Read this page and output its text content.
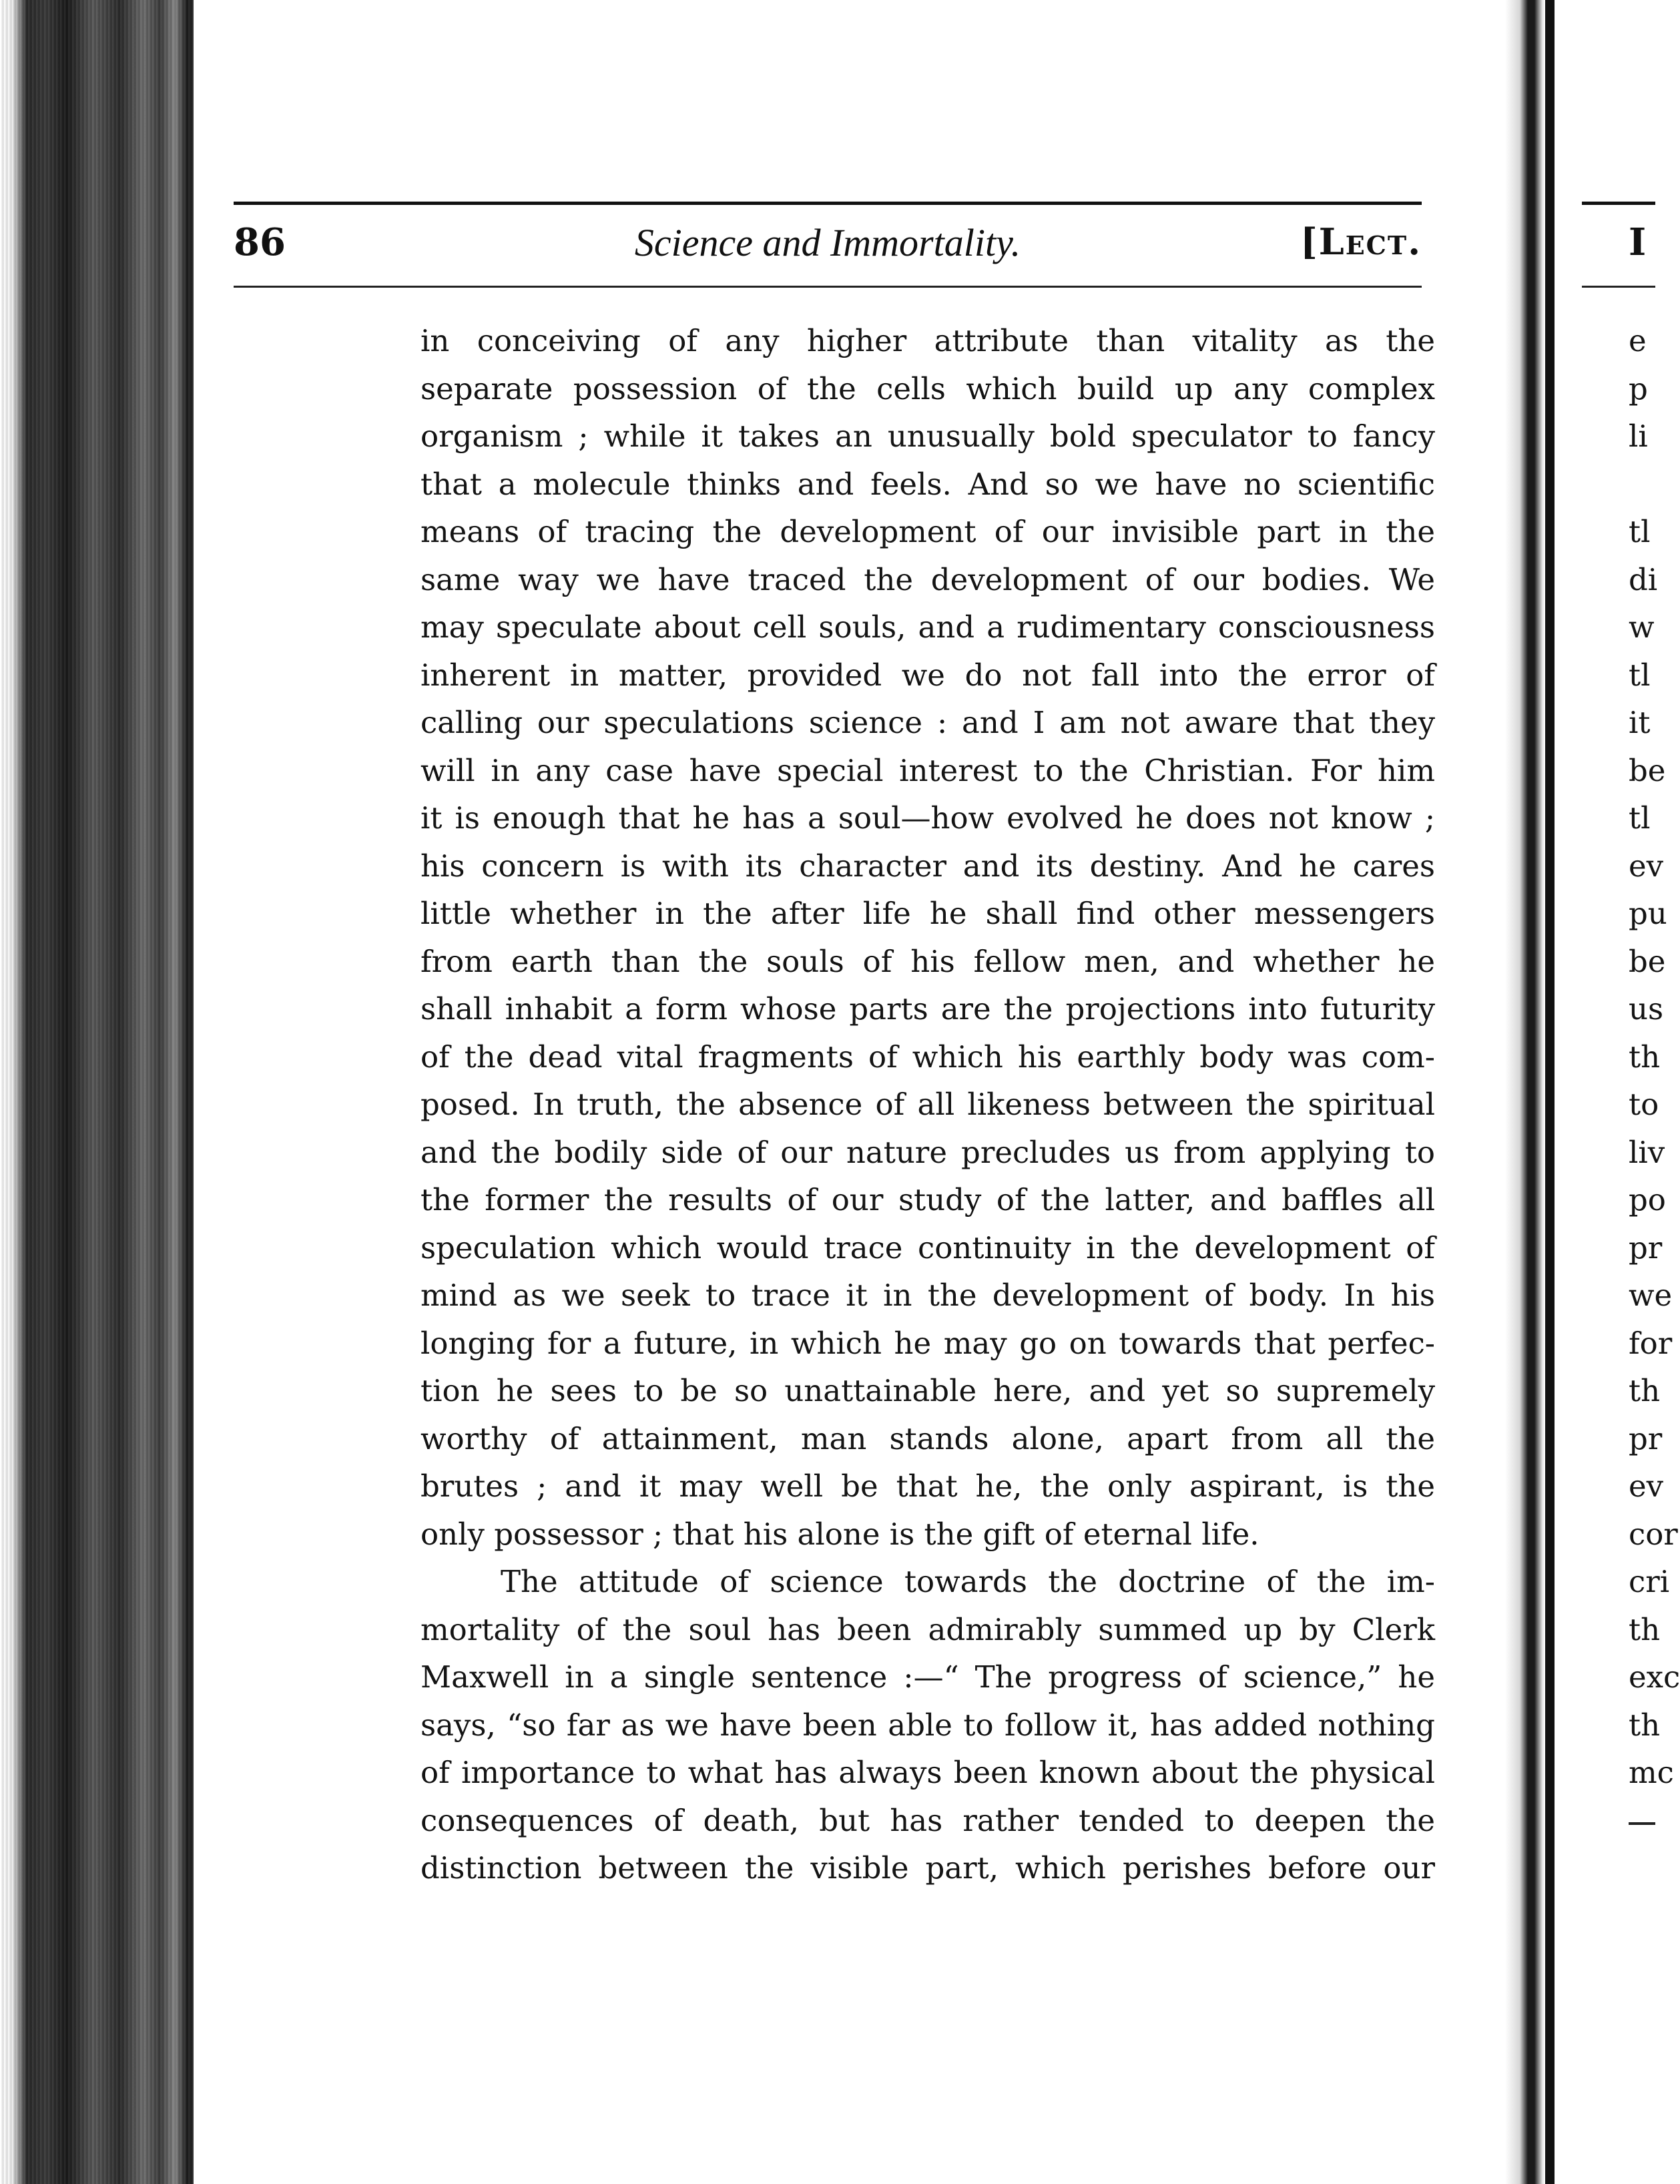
86	Science and Immortality.	[Lect.
in conceiving of any higher attribute than vitality as the
separate possession of the cells which build up any complex
organism ; while it takes an unusually bold speculator to fancy
that a molecule thinks and feels. And so we have no scientific
means of tracing the development of our invisible part in the
same way we have traced the development of our bodies. We
may speculate about cell souls, and a rudimentary consciousness
inherent in matter, provided we do not fall into the error of
calling our speculations science : and I am not aware that they
will in any case have special interest to the Christian. For him
it is enough that he has a soul—how evolved he does not know ;
his concern is with its character and its destiny. And he cares
little whether in the after life he shall find other messengers
from earth than the souls of his fellow men, and whether he
shall inhabit a form whose parts are the projections into futurity
of the dead vital fragments of which his earthly body was com-
posed. In truth, the absence of all likeness between the spiritual
and the bodily side of our nature precludes us from applying to
the former the results of our study of the latter, and baffles all
speculation which would trace continuity in the development of
mind as we seek to trace it in the development of body. In his
longing for a future, in which he may go on towards that perfec-
tion he sees to be so unattainable here, and yet so supremely
worthy of attainment, man stands alone, apart from all the
brutes ; and it may well be that he, the only aspirant, is the
only possessor ; that his alone is the gift of eternal life.
The attitude of science towards the doctrine of the im-
mortality of the soul has been admirably summed up by Clerk
Maxwell in a single sentence :—“ The progress of science,” he
says, “so far as we have been able to follow it, has added nothing
of importance to what has always been known about the physical
consequences of death, but has rather tended to deepen the
distinction between the visible part, which perishes before our
I
e
p
li
tl
di
w
tl
it
be
tl
ev
pu
be
us
th
to
liv
po
pr
we
for
th
pr
ev
cor
cri
th
exc
th
mc
